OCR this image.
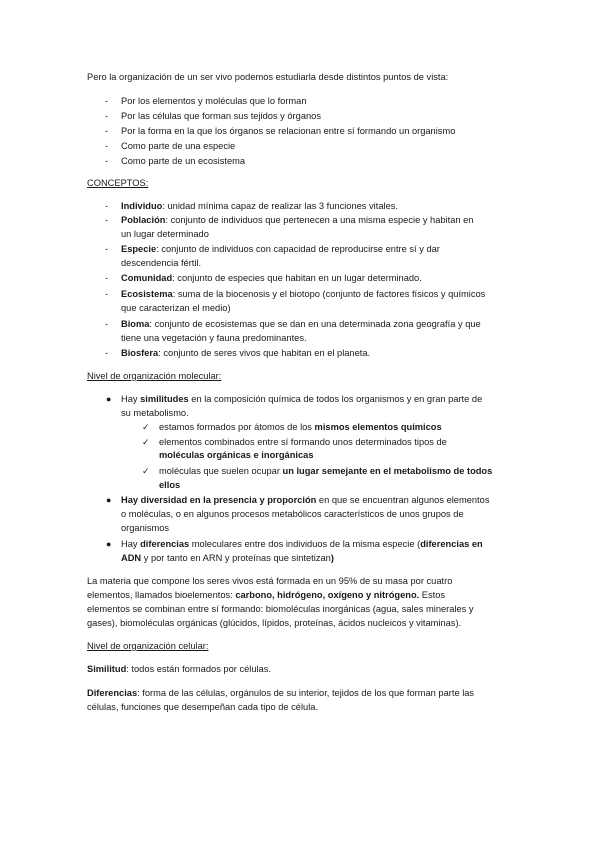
Pero la organización de un ser vivo podemos estudiarla desde distintos puntos de vista:
- Por los elementos y moléculas que lo forman
- Por las células que forman sus tejidos y órganos
- Por la forma en la que los órganos se relacionan entre sí formando un organismo
- Como parte de una especie
- Como parte de un ecosistema
CONCEPTOS:
- Individuo: unidad mínima capaz de realizar las 3 funciones vitales.
- Población: conjunto de individuos que pertenecen a una misma especie y habitan en
un lugar determinado
- Especie: conjunto de individuos con capacidad de reproducirse entre sí y dar
descendencia fértil.
- Comunidad: conjunto de especies que habitan en un lugar determinado.
- Ecosistema: suma de la biocenosis y el biotopo (conjunto de factores físicos y químicos
que caracterizan el medio)
- Bioma: conjunto de ecosistemas que se dan en una determinada zona geografía y que
tiene una vegetación y fauna predominantes.
- Biosfera: conjunto de seres vivos que habitan en el planeta.
Nivel de organización molecular:
● Hay similitudes en la composición química de todos los organismos y en gran parte de
su metabolismo.
✓ estamos formados por átomos de los mismos elementos químicos
✓ elementos combinados entre sí formando unos determinados tipos de
moléculas orgánicas e inorgánicas
✓ moléculas que suelen ocupar un lugar semejante en el metabolismo de todos
ellos
● Hay diversidad en la presencia y proporción en que se encuentran algunos elementos
o moléculas, o en algunos procesos metabólicos característicos de unos grupos de
organismos
● Hay diferencias moleculares entre dos individuos de la misma especie (diferencias en
ADN y por tanto en ARN y proteínas que sintetizan)
La materia que compone los seres vivos está formada en un 95% de su masa por cuatro
elementos, llamados bioelementos: carbono, hidrógeno, oxígeno y nitrógeno. Estos
elementos se combinan entre sí formando: biomoléculas inorgánicas (agua, sales minerales y
gases), biomoléculas orgánicas (glúcidos, lípidos, proteínas, ácidos nucleicos y vitaminas).
Nivel de organización celular:
Similitud: todos están formados por células.
Diferencias: forma de las células, orgánulos de su interior, tejidos de los que forman parte las
células, funciones que desempeñan cada tipo de célula.
